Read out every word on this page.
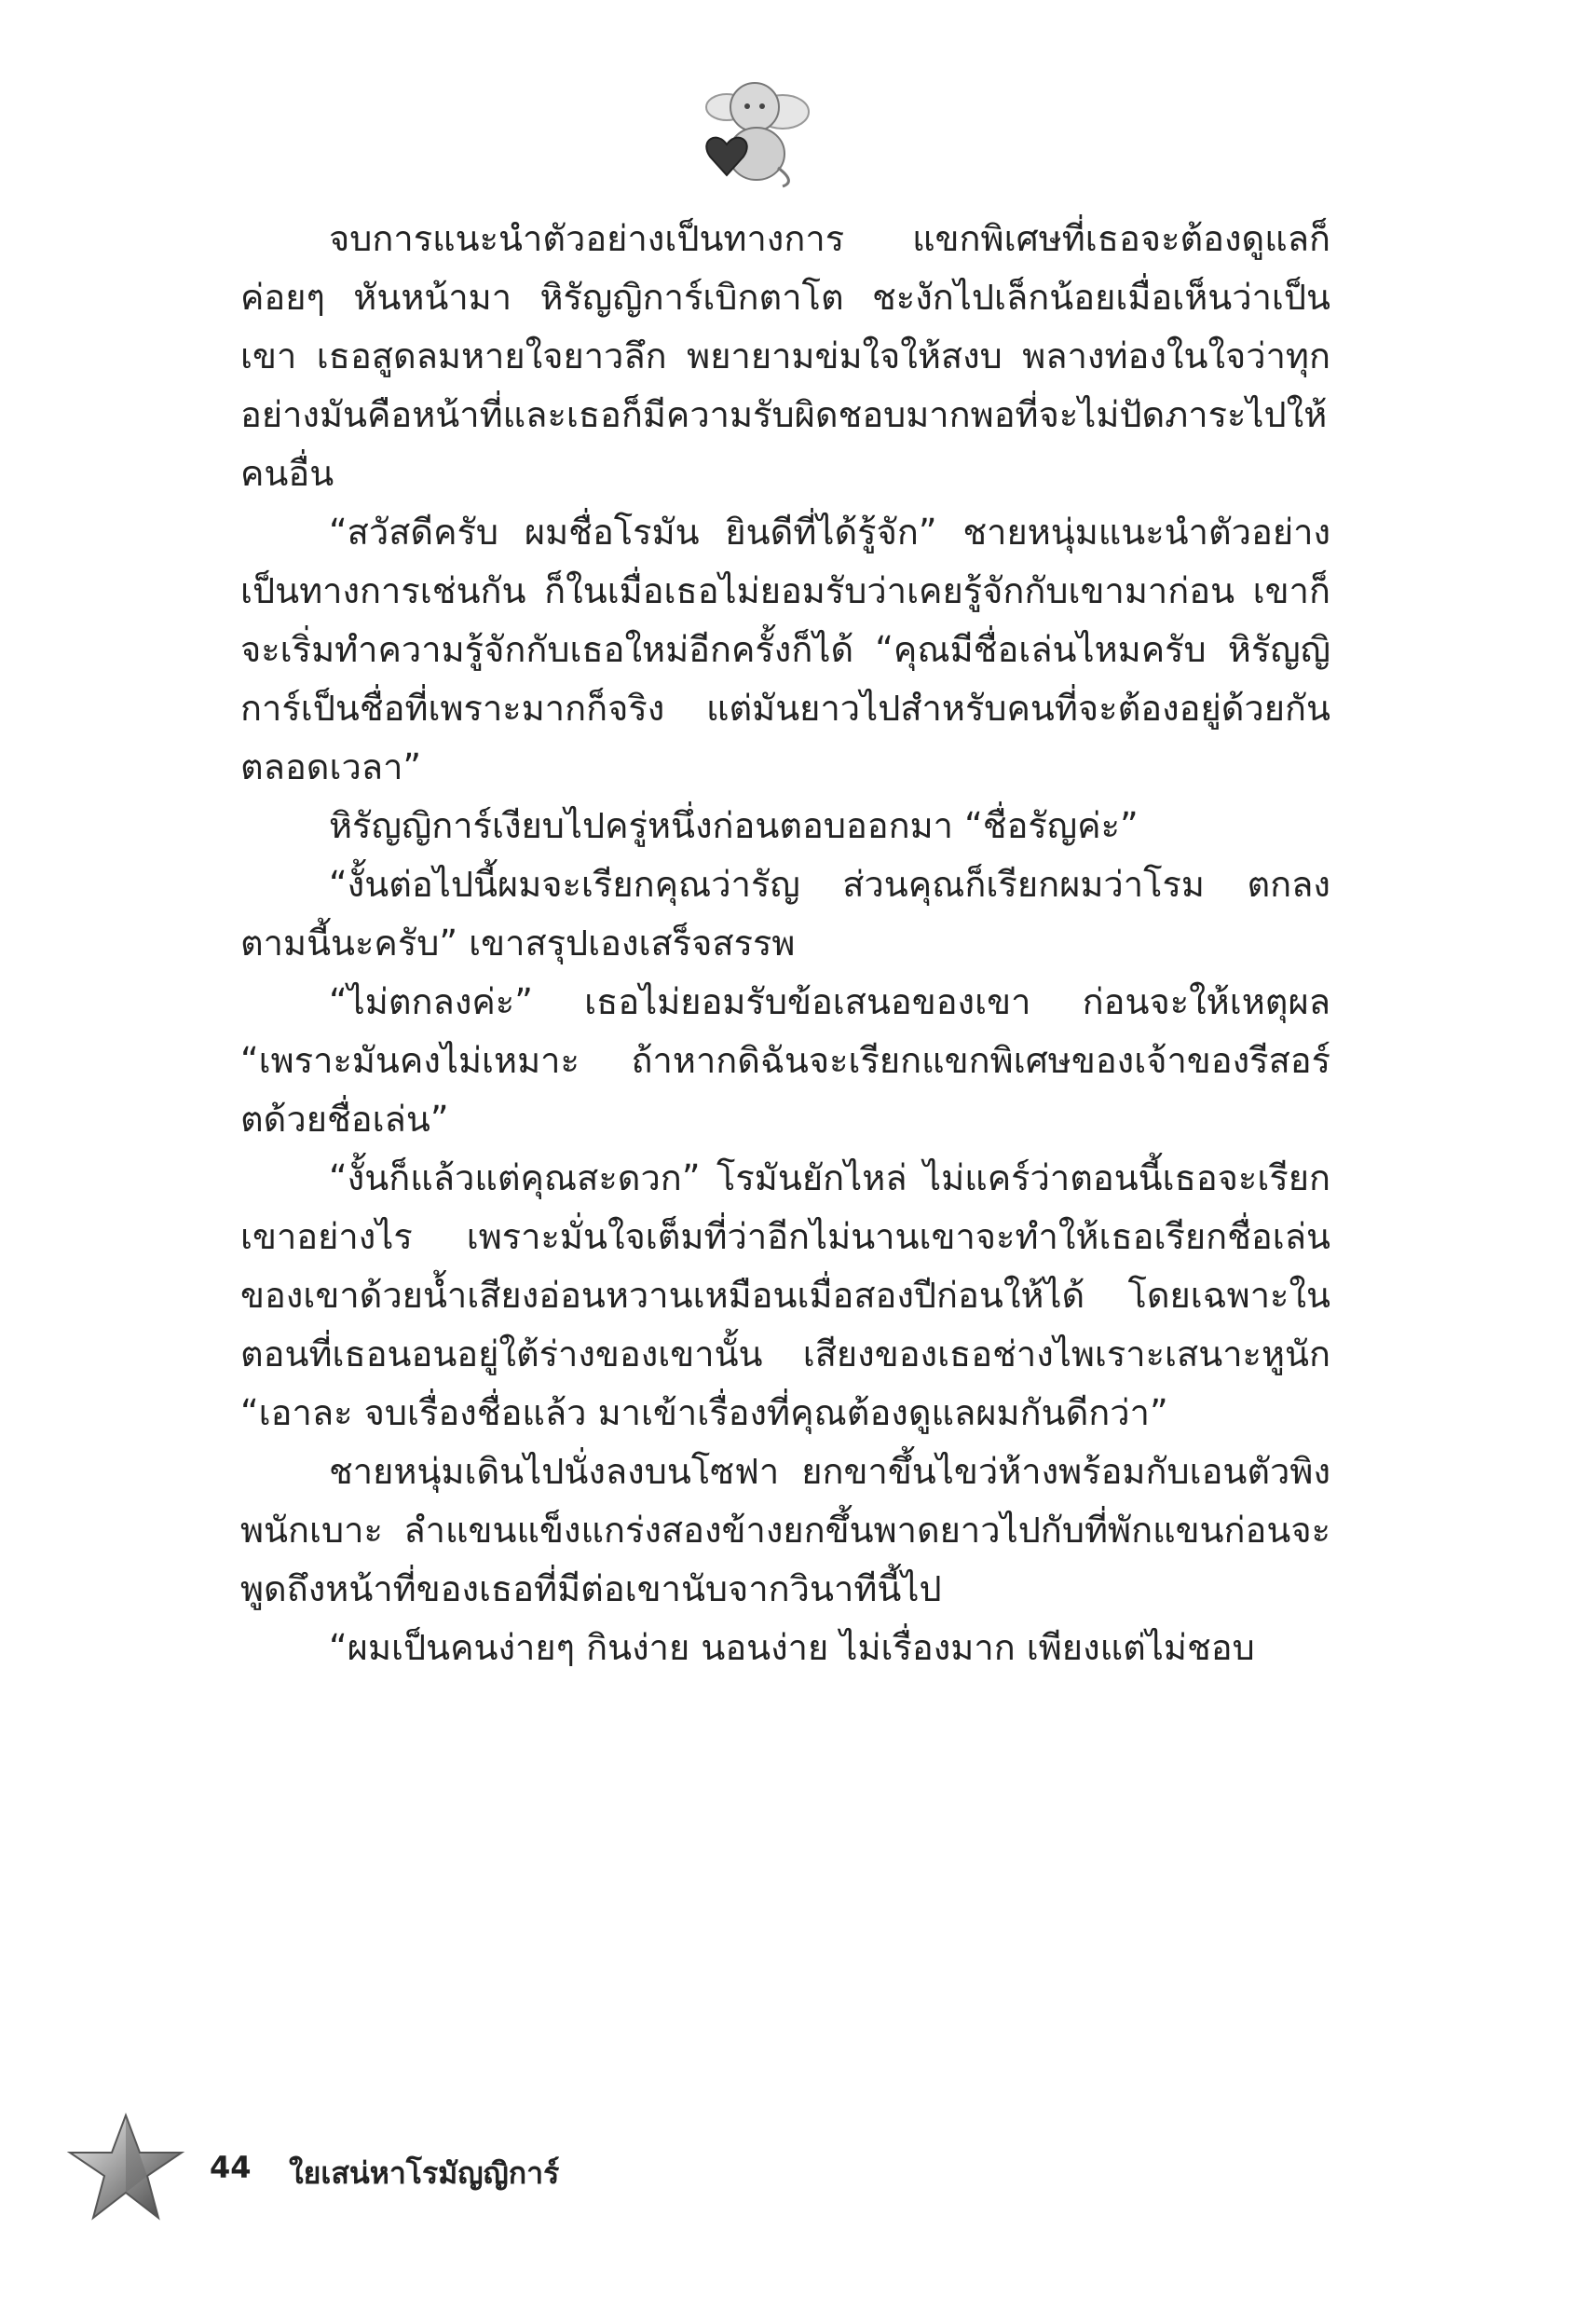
จบการแนะนำตัวอย่างเป็นทางการ แขกพิเศษที่เธอจะต้องดูแลก็ค่อยๆ หันหน้ามา หิรัญญิการ์เบิกตาโต ชะงักไปเล็กน้อยเมื่อเห็นว่าเป็นเขา เธอสูดลมหายใจยาวลึก พยายามข่มใจให้สงบ พลางท่องในใจว่าทุกอย่างมันคือหน้าที่และเธอก็มีความรับผิดชอบมากพอที่จะไม่ปัดภาระไปให้คนอื่น

“สวัสดีครับ ผมชื่อโรมัน ยินดีที่ได้รู้จัก” ชายหนุ่มแนะนำตัวอย่างเป็นทางการเช่นกัน ก็ในเมื่อเธอไม่ยอมรับว่าเคยรู้จักกับเขามาก่อน เขาก็จะเริ่มทำความรู้จักกับเธอใหม่อีกครั้งก็ได้ “คุณมีชื่อเล่นไหมครับ หิรัญญิการ์เป็นชื่อที่เพราะมากก็จริง แต่มันยาวไปสำหรับคนที่จะต้องอยู่ด้วยกันตลอดเวลา”

หิรัญญิการ์เงียบไปครู่หนึ่งก่อนตอบออกมา “ชื่อรัญค่ะ”

“งั้นต่อไปนี้ผมจะเรียกคุณว่ารัญ ส่วนคุณก็เรียกผมว่าโรม ตกลงตามนี้นะครับ” เขาสรุปเองเสร็จสรรพ

“ไม่ตกลงค่ะ” เธอไม่ยอมรับข้อเสนอของเขา ก่อนจะให้เหตุผล “เพราะมันคงไม่เหมาะ ถ้าหากดิฉันจะเรียกแขกพิเศษของเจ้าของรีสอร์ตด้วยชื่อเล่น”

“งั้นก็แล้วแต่คุณสะดวก” โรมันยักไหล่ ไม่แคร์ว่าตอนนี้เธอจะเรียกเขาอย่างไร เพราะมั่นใจเต็มที่ว่าอีกไม่นานเขาจะทำให้เธอเรียกชื่อเล่นของเขาด้วยน้ำเสียงอ่อนหวานเหมือนเมื่อสองปีก่อนให้ได้ โดยเฉพาะในตอนที่เธอนอนอยู่ใต้ร่างของเขานั้น เสียงของเธอช่างไพเราะเสนาะหูนัก “เอาละ จบเรื่องชื่อแล้ว มาเข้าเรื่องที่คุณต้องดูแลผมกันดีกว่า”

ชายหนุ่มเดินไปนั่งลงบนโซฟา ยกขาขึ้นไขว่ห้างพร้อมกับเอนตัวพิงพนักเบาะ ลำแขนแข็งแกร่งสองข้างยกขึ้นพาดยาวไปกับที่พักแขนก่อนจะพูดถึงหน้าที่ของเธอที่มีต่อเขานับจากวินาทีนี้ไป

“ผมเป็นคนง่ายๆ กินง่าย นอนง่าย ไม่เรื่องมาก เพียงแต่ไม่ชอบ

44 ใยเสน่หาโรมัญญิการ์
